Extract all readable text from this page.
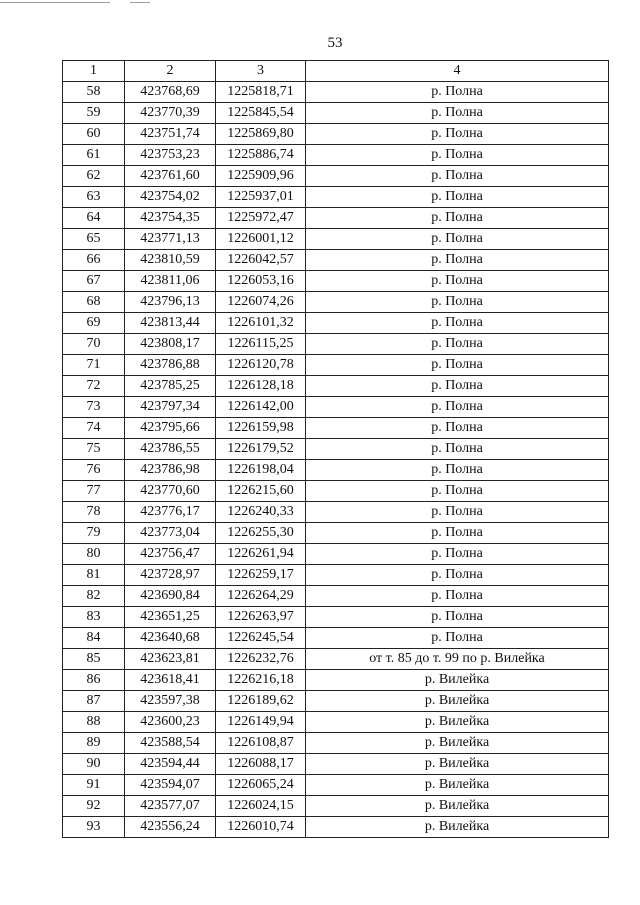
53
1	2	3	4
58	423768,69	1225818,71	р. Полна
59	423770,39	1225845,54	р. Полна
60	423751,74	1225869,80	р. Полна
61	423753,23	1225886,74	р. Полна
62	423761,60	1225909,96	р. Полна
63	423754,02	1225937,01	р. Полна
64	423754,35	1225972,47	р. Полна
65	423771,13	1226001,12	р. Полна
66	423810,59	1226042,57	р. Полна
67	423811,06	1226053,16	р. Полна
68	423796,13	1226074,26	р. Полна
69	423813,44	1226101,32	р. Полна
70	423808,17	1226115,25	р. Полна
71	423786,88	1226120,78	р. Полна
72	423785,25	1226128,18	р. Полна
73	423797,34	1226142,00	р. Полна
74	423795,66	1226159,98	р. Полна
75	423786,55	1226179,52	р. Полна
76	423786,98	1226198,04	р. Полна
77	423770,60	1226215,60	р. Полна
78	423776,17	1226240,33	р. Полна
79	423773,04	1226255,30	р. Полна
80	423756,47	1226261,94	р. Полна
81	423728,97	1226259,17	р. Полна
82	423690,84	1226264,29	р. Полна
83	423651,25	1226263,97	р. Полна
84	423640,68	1226245,54	р. Полна
85	423623,81	1226232,76	от т. 85 до т. 99 по р. Вилейка
86	423618,41	1226216,18	р. Вилейка
87	423597,38	1226189,62	р. Вилейка
88	423600,23	1226149,94	р. Вилейка
89	423588,54	1226108,87	р. Вилейка
90	423594,44	1226088,17	р. Вилейка
91	423594,07	1226065,24	р. Вилейка
92	423577,07	1226024,15	р. Вилейка
93	423556,24	1226010,74	р. Вилейка
